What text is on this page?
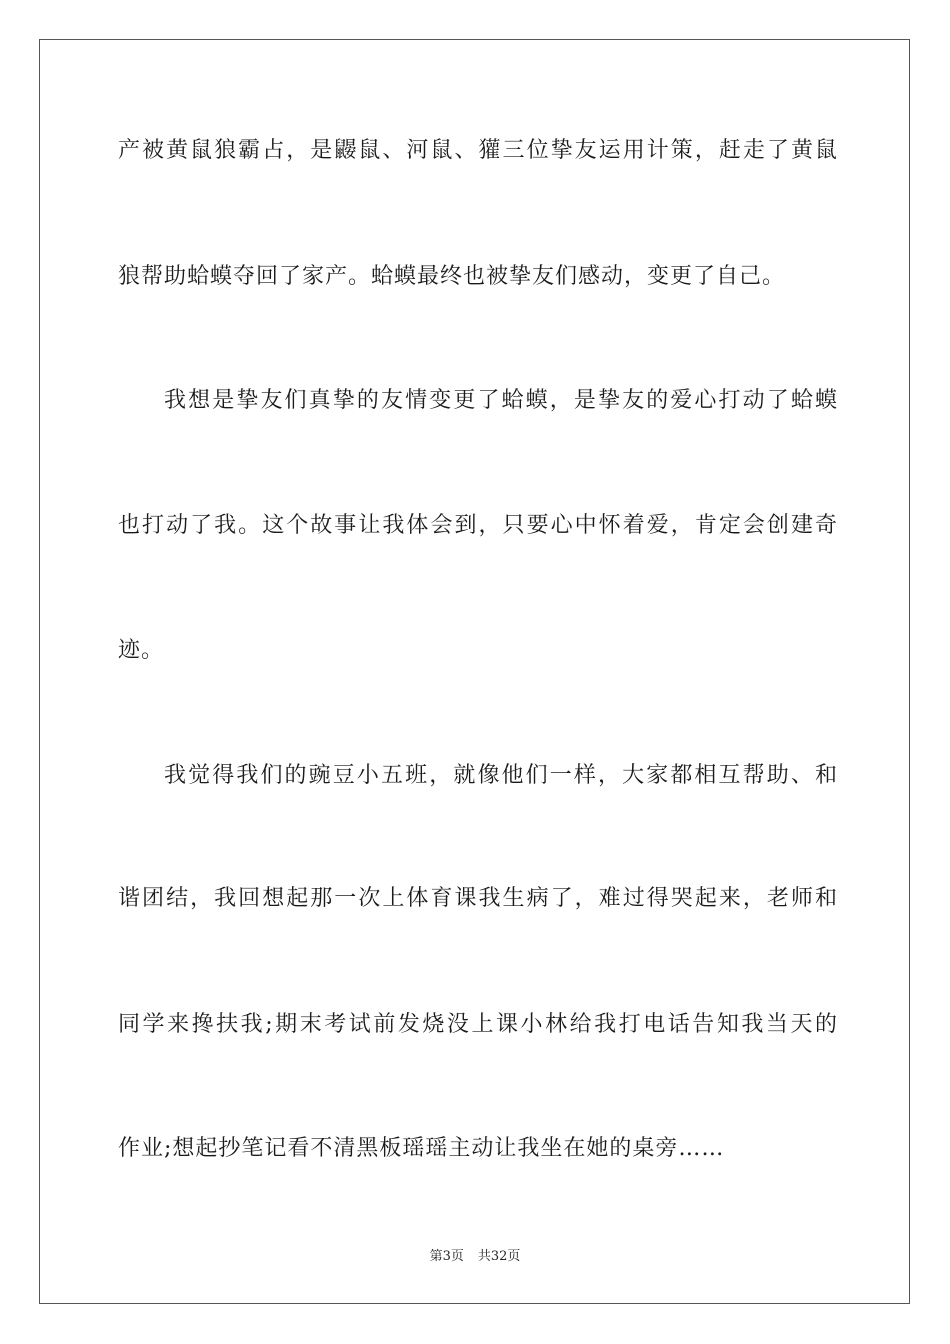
产被黄鼠狼霸占，是鼹鼠、河鼠、獾三位挚友运用计策，赶走了黄鼠
狼帮助蛤蟆夺回了家产。蛤蟆最终也被挚友们感动，变更了自己。
我想是挚友们真挚的友情变更了蛤蟆，是挚友的爱心打动了蛤蟆
也打动了我。这个故事让我体会到，只要心中怀着爱，肯定会创建奇
迹。
我觉得我们的豌豆小五班，就像他们一样，大家都相互帮助、和
谐团结，我回想起那一次上体育课我生病了，难过得哭起来，老师和
同学来搀扶我;期末考试前发烧没上课小林给我打电话告知我当天的
作业;想起抄笔记看不清黑板瑶瑶主动让我坐在她的桌旁……
第3页 共32页
